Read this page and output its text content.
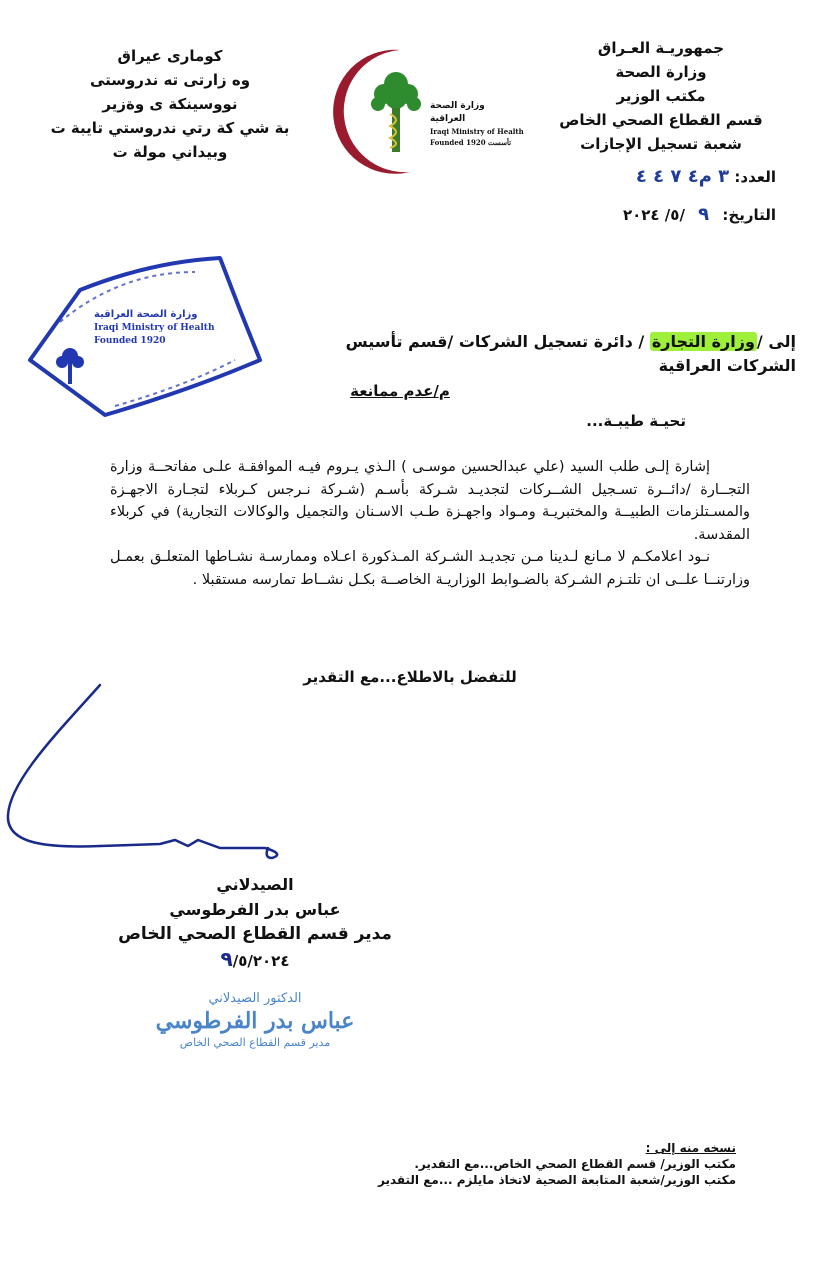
جمهوريـة العـراق
وزارة الصحة
مكتب الوزير
قسم القطاع الصحي الخاص
شعبة تسجيل الإجازات
كوماری عيراق
وه زارتی ته ندروستی
نووسينكة ی وةزير
بة شي كة رتي ندروستي تايبة ت
وبيداني مولة ت
وزارة الصحة العراقية
Iraqi Ministry of Health
Founded 1920 تأسست
العدد: ٣ م٤ ٧ ٤ ٤
التاريخ: ٩ /٥/ ٢٠٢٤
وزارة الصحة العراقية
Iraqi Ministry of Health
Founded 1920	إلى /وزارة التجارة / دائرة تسجيل الشركات /قسم تأسيس الشركات العراقية
م/عدم ممانعة
تحيـة طيبـة...

إشارة إلـى طلب السيد (علي عبدالحسين موسـى ) الـذي يـروم فيـه الموافقـة علـى مفاتحــة وزارة التجــارة /دائــرة تسـجيل الشــركات لتجديـد شـركة بأسـم (شـركة نـرجس كـربلاء لتجـارة الاجهـزة والمسـتلزمات الطبيــة والمختبريـة ومـواد واجهـزة طـب الاسـنان والتجميل والوكالات التجارية) في كربلاء المقدسة.

نـود اعلامكـم لا مـانع لـدينا مـن تجديـد الشـركة المـذكورة اعـلاه وممارسـة نشـاطها المتعلـق بعمـل وزارتنــا علــى ان تلتـزم الشـركة بالضـوابط الوزاريـة الخاصــة بكـل نشــاط تمارسه مستقبلا .

للتفضل بالاطلاع...مع التقدير
الصيدلاني
عباس بدر الفرطوسي
مدير قسم القطاع الصحي الخاص
٩/٥/٢٠٢٤
الدكتور الصيدلاني
عباس بدر الفرطوسي
مدير قسم القطاع الصحي الخاص
نسخه منه إلى :
مكتب الوزير/ قسم القطاع الصحي الخاص...مع التقدير.
مكتب الوزير/شعبة المتابعة الصحية لاتخاذ مايلزم ...مع التقدير
